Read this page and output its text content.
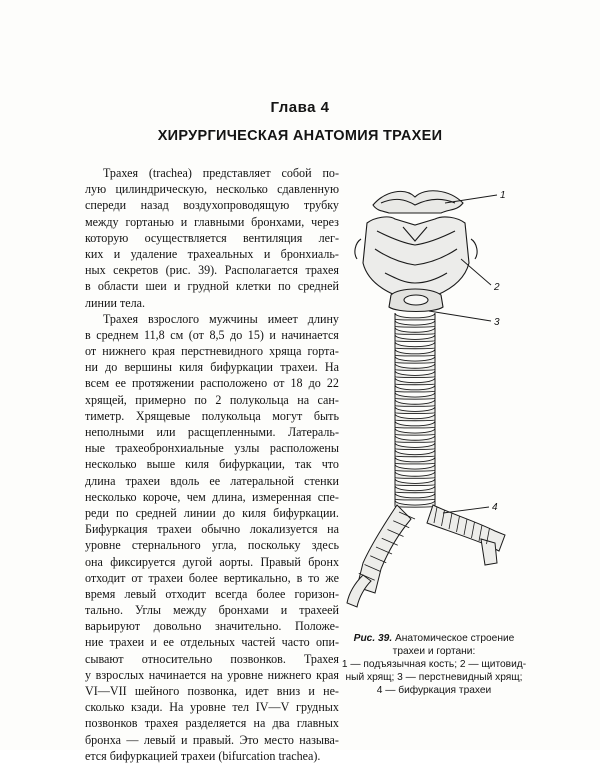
Глава 4
ХИРУРГИЧЕСКАЯ АНАТОМИЯ ТРАХЕИ
Трахея (trachea) представляет собой по-
лую цилиндрическую, несколько сдавленную
спереди назад воздухопроводящую трубку
между гортанью и главными бронхами, через
которую осуществляется вентиляция лег-
ких и удаление трахеальных и бронхиаль-
ных секретов (рис. 39). Располагается трахея
в области шеи и грудной клетки по средней
линии тела.
Трахея взрослого мужчины имеет длину
в среднем 11,8 см (от 8,5 до 15) и начинается
от нижнего края перстневидного хряща горта-
ни до вершины киля бифуркации трахеи. На
всем ее протяжении расположено от 18 до 22
хрящей, примерно по 2 полукольца на сан-
тиметр. Хрящевые полукольца могут быть
неполными или расщепленными. Латераль-
ные трахеобронхиальные узлы расположены
несколько выше киля бифуркации, так что
длина трахеи вдоль ее латеральной стенки
несколько короче, чем длина, измеренная спе-
реди по средней линии до киля бифуркации.
Бифуркация трахеи обычно локализуется на
уровне стернального угла, поскольку здесь
она фиксируется дугой аорты. Правый бронх
отходит от трахеи более вертикально, в то же
время левый отходит всегда более горизон-
тально. Углы между бронхами и трахеей
варьируют довольно значительно. Положе-
ние трахеи и ее отдельных частей часто опи-
сывают относительно позвонков. Трахея
у взрослых начинается на уровне нижнего края
VI—VII шейного позвонка, идет вниз и не-
сколько кзади. На уровне тел IV—V грудных
позвонков трахея разделяется на два главных
бронха — левый и правый. Это место называ-
ется бифуркацией трахеи (bifurcation trachea).
1
2
3
4
Рис. 39. Анатомическое строение
трахеи и гортани:
1 — подъязычная кость; 2 — щитовид-
ный хрящ; 3 — перстневидный хрящ;
4 — бифуркация трахеи
